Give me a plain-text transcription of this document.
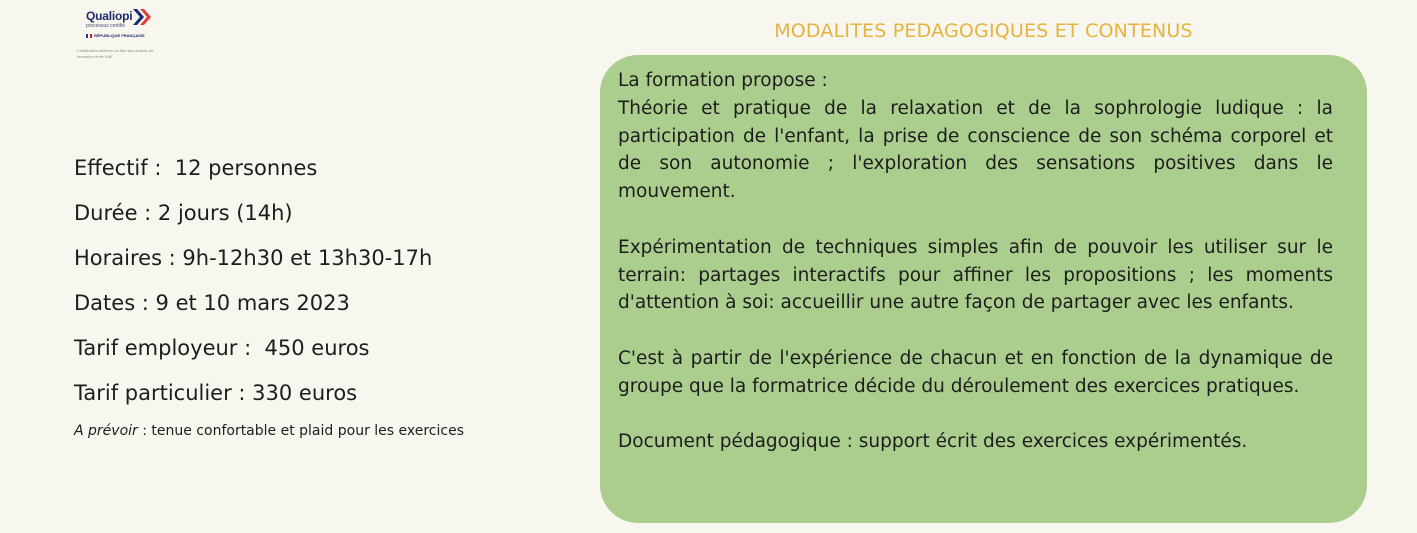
Qualiopi
processus certifié
RÉPUBLIQUE FRANÇAISE
Certification délivrée au titre des actions de formation et de VAE
Effectif :  12 personnes
Durée : 2 jours (14h)
Horaires : 9h-12h30 et 13h30-17h
Dates : 9 et 10 mars 2023
Tarif employeur :  450 euros
Tarif particulier : 330 euros
A prévoir : tenue confortable et plaid pour les exercices
MODALITES PEDAGOGIQUES ET CONTENUS

La formation propose :

Théorie et pratique de la relaxation et de la sophrologie ludique : la participation de l'enfant, la prise de conscience de son schéma corporel et de son autonomie ; l'exploration des sensations positives dans le mouvement.

Expérimentation de techniques simples afin de pouvoir les utiliser sur le terrain: partages interactifs pour affiner les propositions ; les moments d'attention à soi: accueillir une autre façon de partager avec les enfants.

C'est à partir de l'expérience de chacun et en fonction de la dynamique de groupe que la formatrice décide du déroulement des exercices pratiques.

Document pédagogique : support écrit des exercices expérimentés.
